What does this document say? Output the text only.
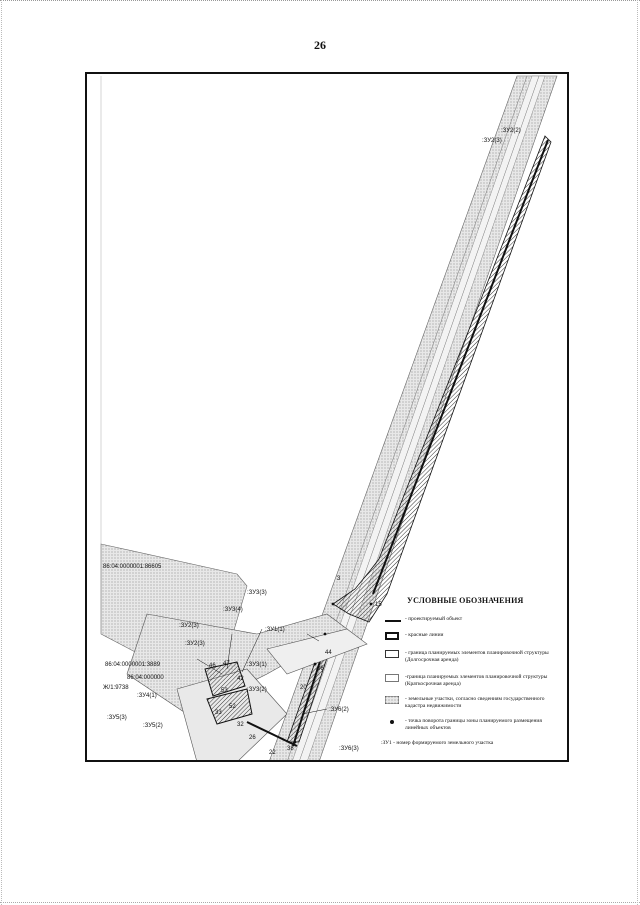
26
:ЗУ2(2)
:ЗУ2(3)
86:04:0000001:86605
:ЗУ3(3)
:ЗУ3(4)
:ЗУ2(3)
:ЗУ1(1)
:ЗУ2(3)
86:04:0000001:3889
86:04:000000
Ж/1:9738
:ЗУ3(1)
:ЗУ4(1)
:ЗУ3(2)
:ЗУ5(3)
:ЗУ5(2)
:ЗУ6(2)
:ЗУ6(3)
3
15
44
36
20
46 47
42
53
52
33
32
38
22
26
УСЛОВНЫЕ ОБОЗНАЧЕНИЯ
- проектируемый объект
- красные линии
- граница планируемых элементов планировочной структуры (Долгосрочная аренда)
-граница планируемых элементов планировочной структуры (Краткосрочная аренда)
- земельные участки, согласно сведениям государственного кадастра недвижимости
- точка поворота границы зоны планируемого размещения линейных объектов
:ЗУ1 - номер формируемого земельного участка
